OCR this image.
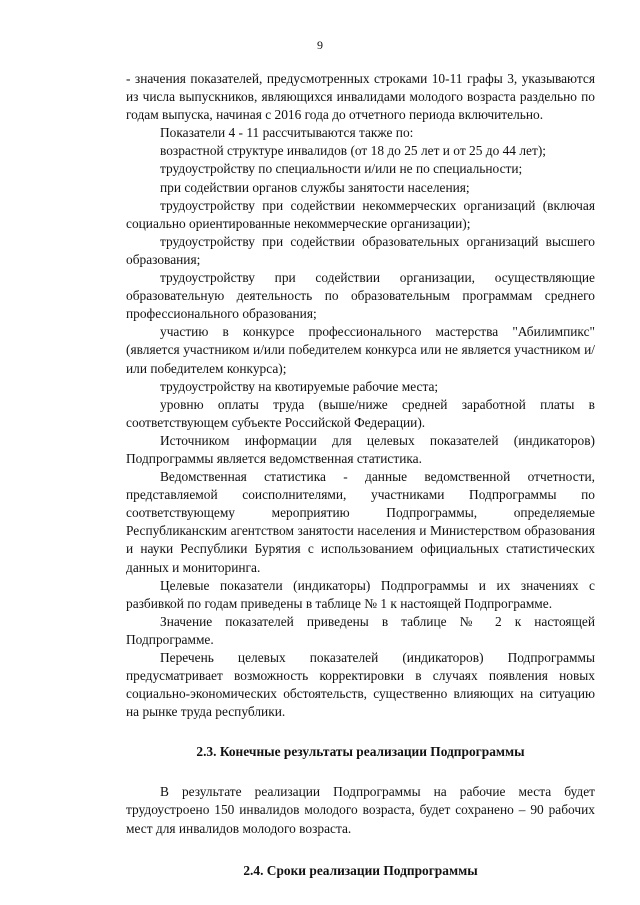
9

- значения показателей, предусмотренных строками 10-11 графы 3, указываются из числа выпускников, являющихся инвалидами молодого возраста раздельно по годам выпуска, начиная с 2016 года до отчетного периода включительно.

Показатели 4 - 11 рассчитываются также по:

возрастной структуре инвалидов (от 18 до 25 лет и от 25 до 44 лет);

трудоустройству по специальности и/или не по специальности;

при содействии органов службы занятости населения;

трудоустройству при содействии некоммерческих организаций (включая социально ориентированные некоммерческие организации);

трудоустройству при содействии образовательных организаций высшего образования;

трудоустройству при содействии организации, осуществляющие образовательную деятельность по образовательным программам среднего профессионального образования;

участию в конкурсе профессионального мастерства "Абилимпикс" (является участником и/или победителем конкурса или не является участником и/или победителем конкурса);

трудоустройству на квотируемые рабочие места;

уровню оплаты труда (выше/ниже средней заработной платы в соответствующем субъекте Российской Федерации).

Источником информации для целевых показателей (индикаторов) Подпрограммы является ведомственная статистика.

Ведомственная статистика - данные ведомственной отчетности, представляемой соисполнителями, участниками Подпрограммы по соответствующему мероприятию Подпрограммы, определяемые Республиканским агентством занятости населения и Министерством образования и науки Республики Бурятия с использованием официальных статистических данных и мониторинга.

Целевые показатели (индикаторы) Подпрограммы и их значениях с разбивкой по годам приведены в таблице № 1 к настоящей Подпрограмме.

Значение показателей приведены в таблице № 2 к настоящей Подпрограмме.

Перечень целевых показателей (индикаторов) Подпрограммы предусматривает возможность корректировки в случаях появления новых социально-экономических обстоятельств, существенно влияющих на ситуацию на рынке труда республики.

2.3. Конечные результаты реализации Подпрограммы

В результате реализации Подпрограммы на рабочие места будет трудоустроено 150 инвалидов молодого возраста, будет сохранено – 90 рабочих мест для инвалидов молодого возраста.

2.4. Сроки реализации Подпрограммы
